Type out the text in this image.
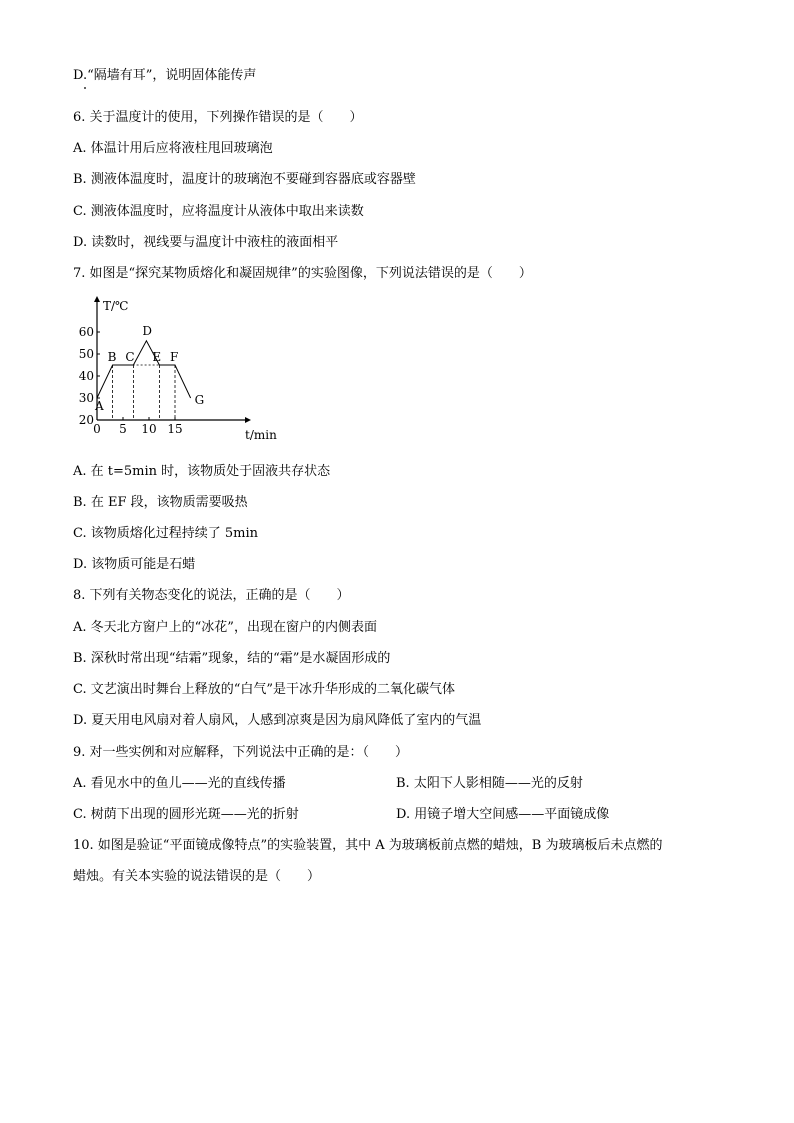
D.“隔墙有耳”，说明固体能传声
6. 关于温度计的使用，下列操作错误的是（　　）
A. 体温计用后应将液柱甩回玻璃泡
B. 测液体温度时，温度计的玻璃泡不要碰到容器底或容器壁
C. 测液体温度时，应将温度计从液体中取出来读数
D. 读数时，视线要与温度计中液柱的液面相平
7. 如图是“探究某物质熔化和凝固规律”的实验图像，下列说法错误的是（　　）
T/℃
t/min
20
30
40
50
60
0 5 10 15
A
B C
D
E F
G
A. 在 t=5min 时，该物质处于固液共存状态
B. 在 EF 段，该物质需要吸热
C. 该物质熔化过程持续了 5min
D. 该物质可能是石蜡
8. 下列有关物态变化的说法，正确的是（　　）
A. 冬天北方窗户上的“冰花”，出现在窗户的内侧表面
B. 深秋时常出现“结霜”现象，结的“霜”是水凝固形成的
C. 文艺演出时舞台上释放的“白气”是干冰升华形成的二氧化碳气体
D. 夏天用电风扇对着人扇风，人感到凉爽是因为扇风降低了室内的气温
9. 对一些实例和对应解释，下列说法中正确的是：（　　）
A. 看见水中的鱼儿——光的直线传播	B. 太阳下人影相随——光的反射
C. 树荫下出现的圆形光斑——光的折射	D. 用镜子增大空间感——平面镜成像
10. 如图是验证“平面镜成像特点”的实验装置，其中 A 为玻璃板前点燃的蜡烛，B 为玻璃板后未点燃的
蜡烛。有关本实验的说法错误的是（　　）
